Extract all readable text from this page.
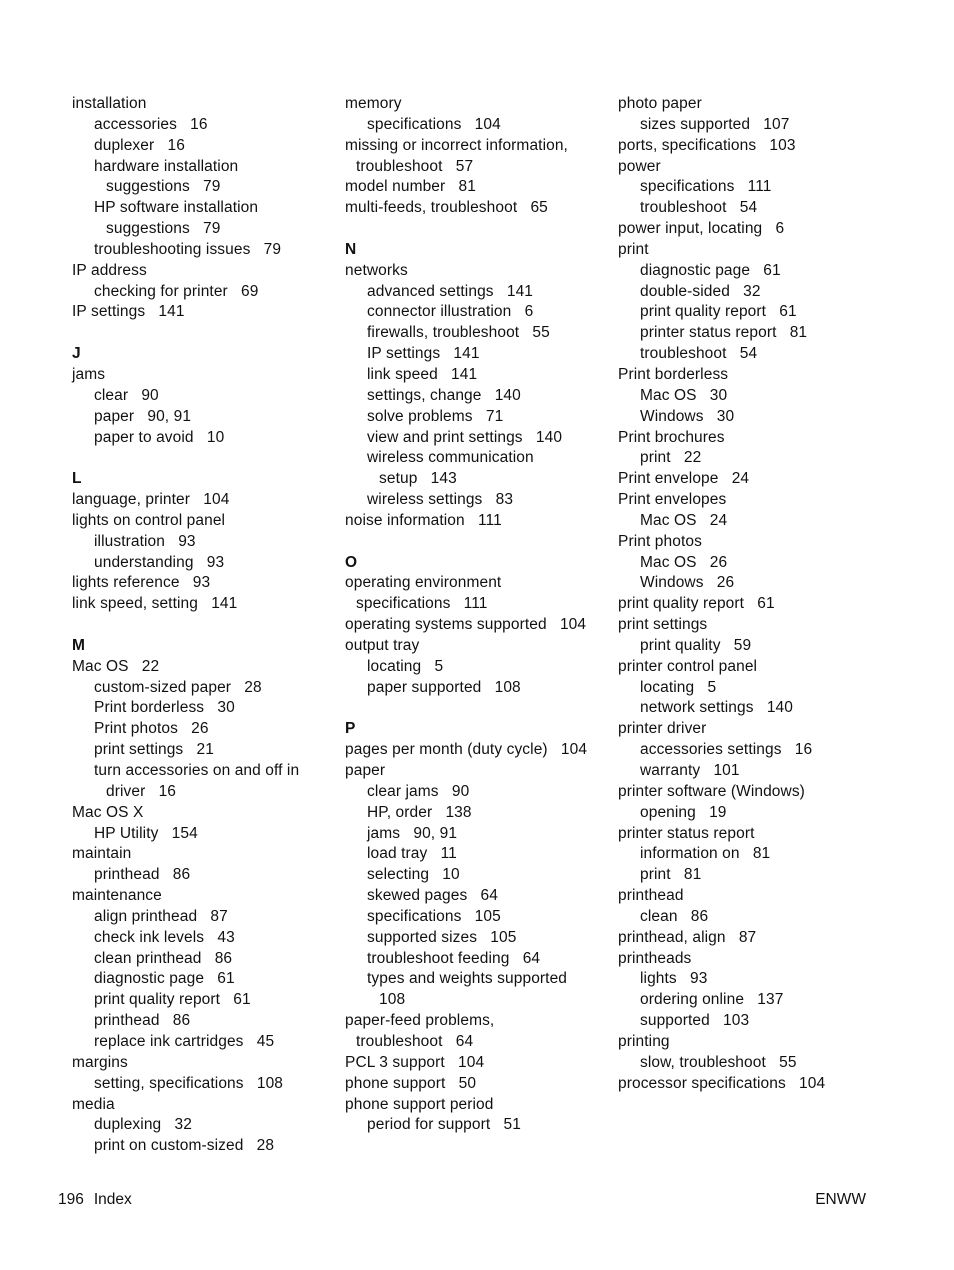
installation
accessories   16
duplexer   16
hardware installation
suggestions   79
HP software installation
suggestions   79
troubleshooting issues   79
IP address
checking for printer   69
IP settings   141
J
jams
clear   90
paper   90, 91
paper to avoid   10
L
language, printer   104
lights on control panel
illustration   93
understanding   93
lights reference   93
link speed, setting   141
M
Mac OS   22
custom-sized paper   28
Print borderless   30
Print photos   26
print settings   21
turn accessories on and off in
driver   16
Mac OS X
HP Utility   154
maintain
printhead   86
maintenance
align printhead   87
check ink levels   43
clean printhead   86
diagnostic page   61
print quality report   61
printhead   86
replace ink cartridges   45
margins
setting, specifications   108
media
duplexing   32
print on custom-sized   28
memory
specifications   104
missing or incorrect information,
troubleshoot   57
model number   81
multi-feeds, troubleshoot   65
N
networks
advanced settings   141
connector illustration   6
firewalls, troubleshoot   55
IP settings   141
link speed   141
settings, change   140
solve problems   71
view and print settings   140
wireless communication
setup   143
wireless settings   83
noise information   111
O
operating environment
specifications   111
operating systems supported   104
output tray
locating   5
paper supported   108
P
pages per month (duty cycle)   104
paper
clear jams   90
HP, order   138
jams   90, 91
load tray   11
selecting   10
skewed pages   64
specifications   105
supported sizes   105
troubleshoot feeding   64
types and weights supported
108
paper-feed problems,
troubleshoot   64
PCL 3 support   104
phone support   50
phone support period
period for support   51
photo paper
sizes supported   107
ports, specifications   103
power
specifications   111
troubleshoot   54
power input, locating   6
print
diagnostic page   61
double-sided   32
print quality report   61
printer status report   81
troubleshoot   54
Print borderless
Mac OS   30
Windows   30
Print brochures
print   22
Print envelope   24
Print envelopes
Mac OS   24
Print photos
Mac OS   26
Windows   26
print quality report   61
print settings
print quality   59
printer control panel
locating   5
network settings   140
printer driver
accessories settings   16
warranty   101
printer software (Windows)
opening   19
printer status report
information on   81
print   81
printhead
clean   86
printhead, align   87
printheads
lights   93
ordering online   137
supported   103
printing
slow, troubleshoot   55
processor specifications   104
196 Index	ENWW
